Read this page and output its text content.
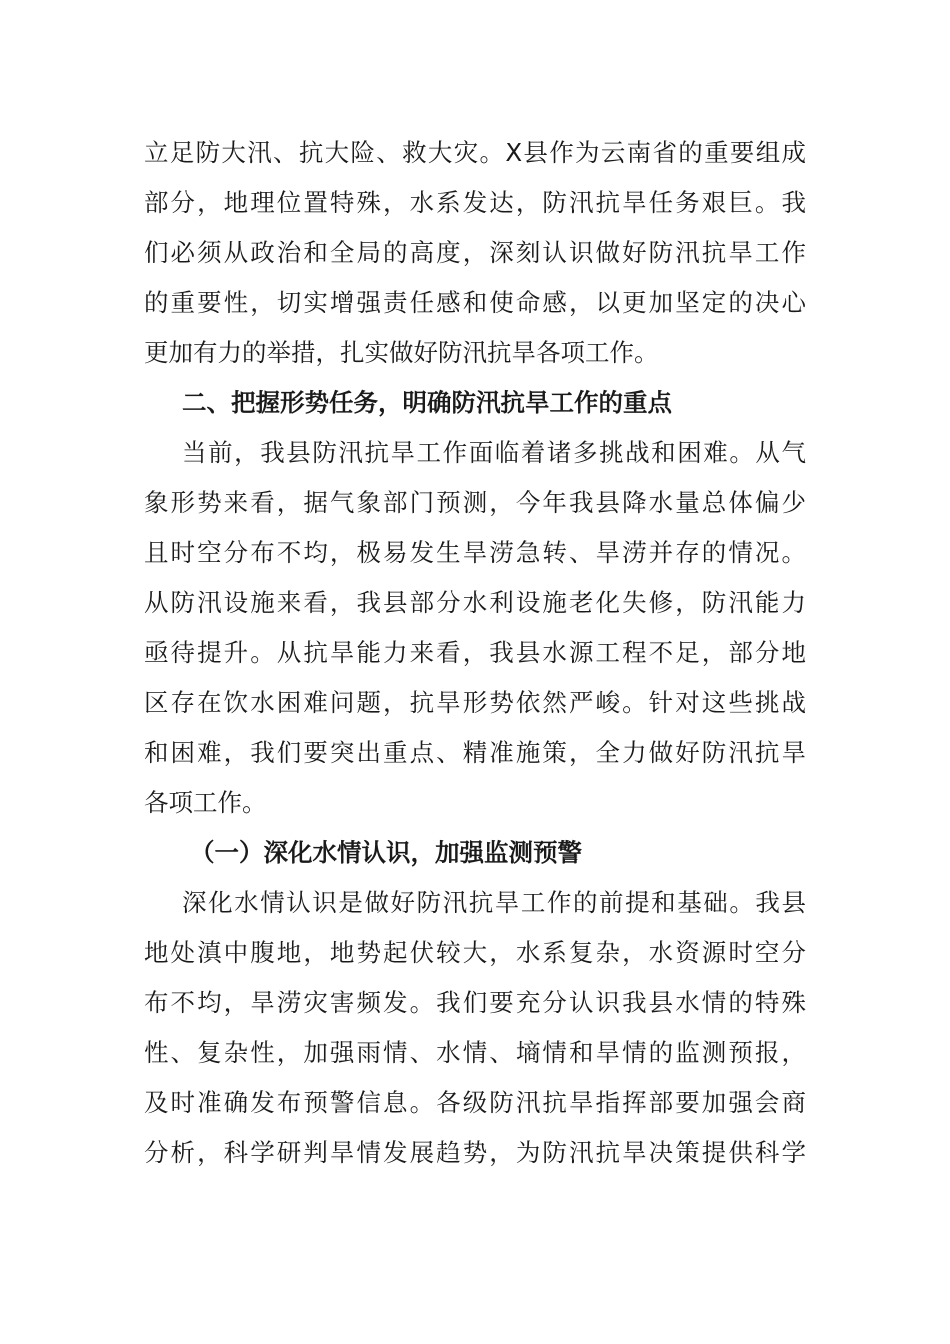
立足防大汛、抗大险、救大灾。X县作为云南省的重要组成
部分，地理位置特殊，水系发达，防汛抗旱任务艰巨。我
们必须从政治和全局的高度，深刻认识做好防汛抗旱工作
的重要性，切实增强责任感和使命感，以更加坚定的决心
更加有力的举措，扎实做好防汛抗旱各项工作。
二、把握形势任务，明确防汛抗旱工作的重点
当前，我县防汛抗旱工作面临着诸多挑战和困难。从气
象形势来看，据气象部门预测，今年我县降水量总体偏少
且时空分布不均，极易发生旱涝急转、旱涝并存的情况。
从防汛设施来看，我县部分水利设施老化失修，防汛能力
亟待提升。从抗旱能力来看，我县水源工程不足，部分地
区存在饮水困难问题，抗旱形势依然严峻。针对这些挑战
和困难，我们要突出重点、精准施策，全力做好防汛抗旱
各项工作。
（一）深化水情认识，加强监测预警
深化水情认识是做好防汛抗旱工作的前提和基础。我县
地处滇中腹地，地势起伏较大，水系复杂，水资源时空分
布不均，旱涝灾害频发。我们要充分认识我县水情的特殊
性、复杂性，加强雨情、水情、墒情和旱情的监测预报，
及时准确发布预警信息。各级防汛抗旱指挥部要加强会商
分析，科学研判旱情发展趋势，为防汛抗旱决策提供科学
